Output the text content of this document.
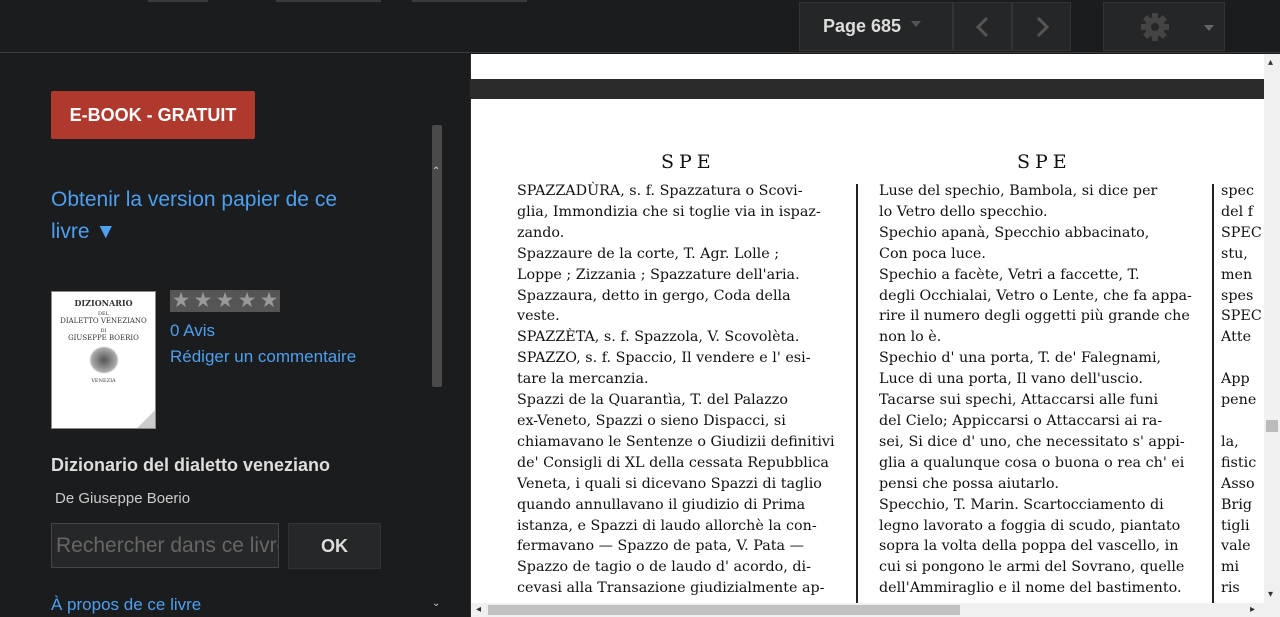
Page 685
E-BOOK - GRATUIT
Obtenir la version papier de ce livre ▼
DIZIONARIO
DEL
DIALETTO VENEZIANO
DI
GIUSEPPE BOERIO
VENEZIA
★ ★ ★ ★ ★
0 Avis
Rédiger un commentaire
Dizionario del dialetto veneziano
De Giuseppe Boerio
Rechercher dans ce livre
OK
À propos de ce livre
⌃
⌄
SPE	SPE
SPAZZADÙRA, s. f. Spazzatura o Scovi-
glia, Immondizia che si toglie via in ispaz-
zando.
Spazzaure de la corte, T. Agr. Lolle ;
Loppe ; Zizzania ; Spazzature dell'aria.
Spazzaura, detto in gergo, Coda della
veste.
SPAZZÈTA, s. f. Spazzola, V. Scovolèta.
SPAZZO, s. f. Spaccio, Il vendere e l' esi-
tare la mercanzia.
Spazzi de la Quarantìa, T. del Palazzo
ex-Veneto, Spazzi o sieno Dispacci, si
chiamavano le Sentenze o Giudizii definitivi
de' Consigli di XL della cessata Repubblica
Veneta, i quali si dicevano Spazzi di taglio
quando annullavano il giudizio di Prima
istanza, e Spazzi di laudo allorchè la con-
fermavano — Spazzo de pata, V. Pata —
Spazzo de tagio o de laudo d' acordo, di-
cevasi alla Transazione giudizialmente ap-
Luse del spechio, Bambola, si dice per
lo Vetro dello specchio.
Spechio apanà, Specchio abbacinato,
Con poca luce.
Spechio a facète, Vetri a faccette, T.
degli Occhialai, Vetro o Lente, che fa appa-
rire il numero degli oggetti più grande che
non lo è.
Spechio d' una porta, T. de' Falegnami,
Luce di una porta, Il vano dell'uscio.
Tacarse sui spechi, Attaccarsi alle funi
del Cielo; Appiccarsi o Attaccarsi ai ra-
sei, Si dice d' uno, che necessitato s' appi-
glia a qualunque cosa o buona o rea ch' ei
pensi che possa aiutarlo.
Specchio, T. Marin. Scartocciamento di
legno lavorato a foggia di scudo, piantato
sopra la volta della poppa del vascello, in
cui si pongono le armi del Sovrano, quelle
dell'Ammiraglio e il nome del bastimento.
spec
del f
SPEC
stu,
men
spes
SPEC
Atte

App
pene

la,
fistic
Asso
Brig
tigli
vale
mi
ris
▴
▾
◂	▸
